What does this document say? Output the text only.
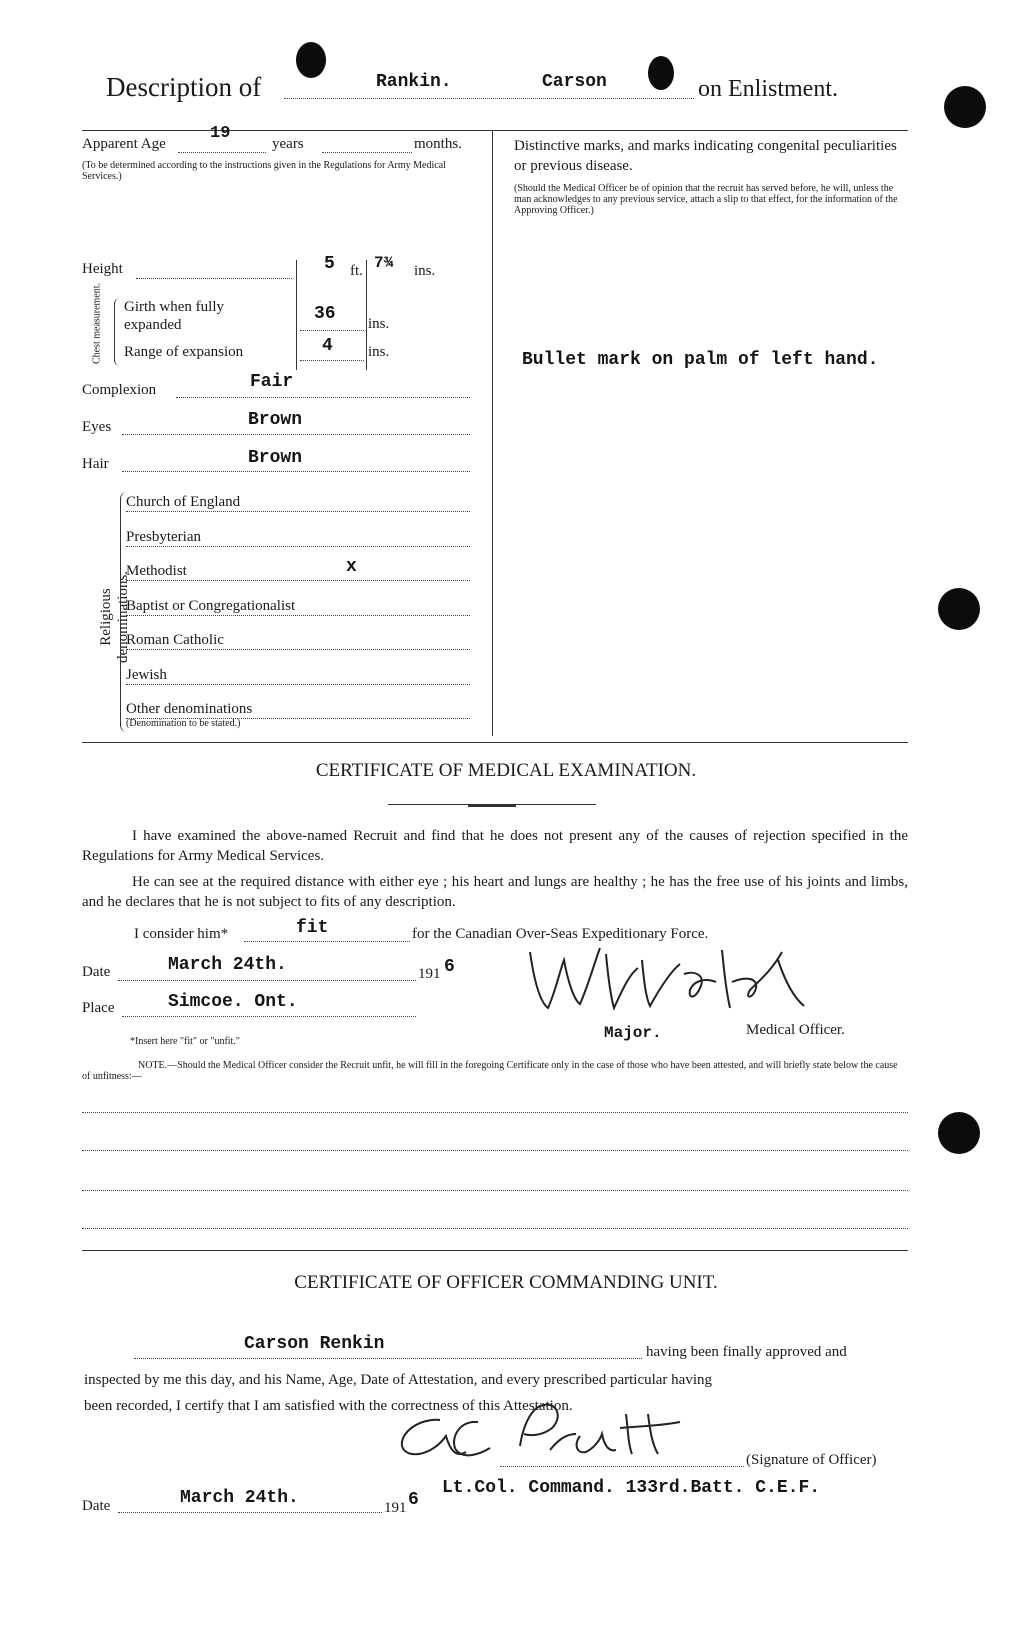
Description of	Rankin.	Carson	on Enlistment.
Apparent Age
19
years	months.
(To be determined according to the instructions given in the Regulations for Army Medical Services.)
Height	5 ft. 7¾ ins.
Chest measurement. Girth when fully expanded
36 ins.
Range of expansion	4 ins.
Complexion	Fair
Eyes	Brown
Hair	Brown
Religious denominations.
Church of England
Presbyterian
Methodist	x
Baptist or Congregationalist
Roman Catholic
Jewish
Other denominations
(Denomination to be stated.)
Distinctive marks, and marks indicating congenital peculiarities or previous disease.
(Should the Medical Officer be of opinion that the recruit has served before, he will, unless the man acknowledges to any previous service, attach a slip to that effect, for the information of the Approving Officer.)
Bullet mark on palm of left hand.
CERTIFICATE OF MEDICAL EXAMINATION.
I have examined the above-named Recruit and find that he does not present any of the causes of rejection specified in the Regulations for Army Medical Services.
He can see at the required distance with either eye ; his heart and lungs are healthy ; he has the free use of his joints and limbs, and he declares that he is not subject to fits of any description.
I consider him*	fit	for the Canadian Over-Seas Expeditionary Force.
Date	March 24th.	191 6
Place	Simcoe. Ont.
*Insert here "fit" or "unfit."	Major.	Medical Officer.
NOTE.—Should the Medical Officer consider the Recruit unfit, he will fill in the foregoing Certificate only in the case of those who have been attested, and will briefly state below the cause of unfitness:—
CERTIFICATE OF OFFICER COMMANDING UNIT.
Carson Renkin	having been finally approved and
inspected by me this day, and his Name, Age, Date of Attestation, and every prescribed particular having
been recorded, I certify that I am satisfied with the correctness of this Attestation.
(Signature of Officer)
Date	March 24th.	191 6
Lt.Col. Command. 133rd.Batt. C.E.F.
